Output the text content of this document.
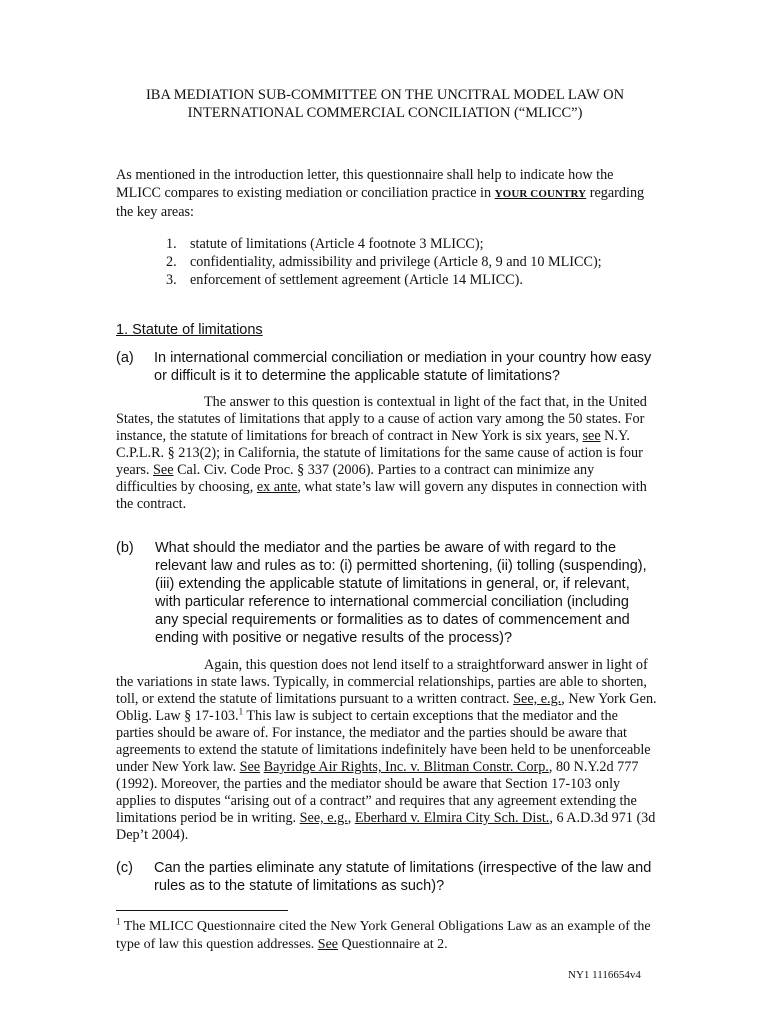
IBA MEDIATION SUB-COMMITTEE ON THE UNCITRAL MODEL LAW ON
INTERNATIONAL COMMERCIAL CONCILIATION (“MLICC”)
As mentioned in the introduction letter, this questionnaire shall help to indicate how the MLICC compares to existing mediation or conciliation practice in YOUR COUNTRY regarding the key areas:
1. statute of limitations (Article 4 footnote 3 MLICC);
2. confidentiality, admissibility and privilege (Article 8, 9 and 10 MLICC);
3. enforcement of settlement agreement (Article 14 MLICC).
1. Statute of limitations
(a) In international commercial conciliation or mediation in your country how easy or difficult is it to determine the applicable statute of limitations?
The answer to this question is contextual in light of the fact that, in the United States, the statutes of limitations that apply to a cause of action vary among the 50 states. For instance, the statute of limitations for breach of contract in New York is six years, see N.Y. C.P.L.R. § 213(2); in California, the statute of limitations for the same cause of action is four years. See Cal. Civ. Code Proc. § 337 (2006). Parties to a contract can minimize any difficulties by choosing, ex ante, what state’s law will govern any disputes in connection with the contract.
(b) What should the mediator and the parties be aware of with regard to the relevant law and rules as to: (i) permitted shortening, (ii) tolling (suspending), (iii) extending the applicable statute of limitations in general, or, if relevant, with particular reference to international commercial conciliation (including any special requirements or formalities as to dates of commencement and ending with positive or negative results of the process)?
Again, this question does not lend itself to a straightforward answer in light of the variations in state laws. Typically, in commercial relationships, parties are able to shorten, toll, or extend the statute of limitations pursuant to a written contract. See, e.g., New York Gen. Oblig. Law § 17-103.$^1$ This law is subject to certain exceptions that the mediator and the parties should be aware of. For instance, the mediator and the parties should be aware that agreements to extend the statute of limitations indefinitely have been held to be unenforceable under New York law. See Bayridge Air Rights, Inc. v. Blitman Constr. Corp., 80 N.Y.2d 777 (1992). Moreover, the parties and the mediator should be aware that Section 17-103 only applies to disputes “arising out of a contract” and requires that any agreement extending the limitations period be in writing. See, e.g., Eberhard v. Elmira City Sch. Dist., 6 A.D.3d 971 (3d Dep’t 2004).
(c) Can the parties eliminate any statute of limitations (irrespective of the law and rules as to the statute of limitations as such)?
$^1$ The MLICC Questionnaire cited the New York General Obligations Law as an example of the type of law this question addresses. See Questionnaire at 2.
NY1 1116654v4
